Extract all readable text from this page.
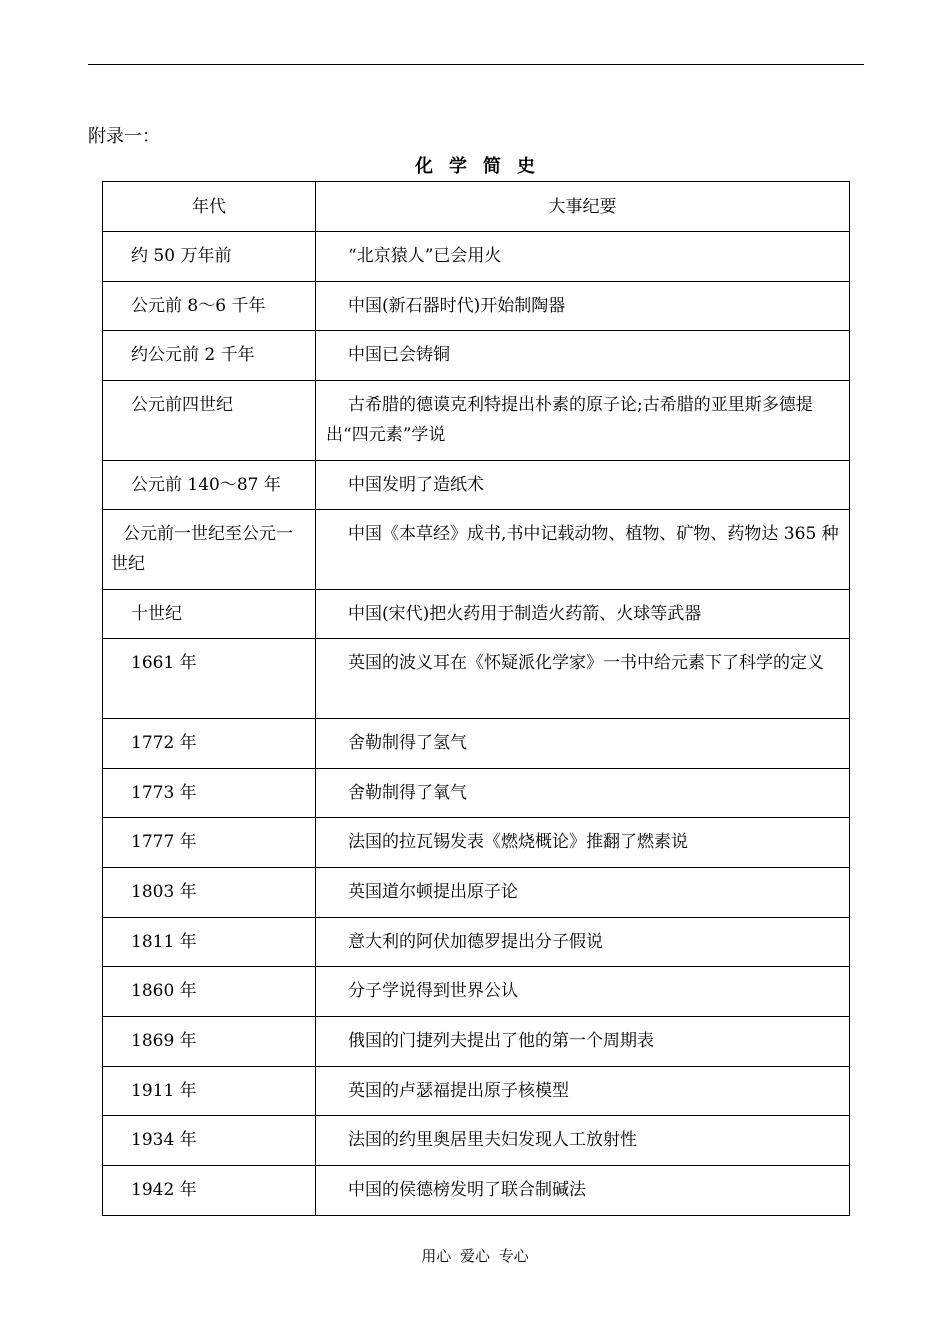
附录一：
化学简史
年代	大事纪要
约 50 万年前	“北京猿人”已会用火
公元前 8～6 千年	中国(新石器时代)开始制陶器
约公元前 2 千年	中国已会铸铜
公元前四世纪	古希腊的德谟克利特提出朴素的原子论;古希腊的亚里斯多德提出“四元素”学说
公元前 140～87 年	中国发明了造纸术
公元前一世纪至公元一世纪	中国《本草经》成书,书中记载动物、植物、矿物、药物达 365 种
十世纪	中国(宋代)把火药用于制造火药箭、火球等武器
1661 年	英国的波义耳在《怀疑派化学家》一书中给元素下了科学的定义
1772 年	舍勒制得了氢气
1773 年	舍勒制得了氧气
1777 年	法国的拉瓦锡发表《燃烧概论》推翻了燃素说
1803 年	英国道尔顿提出原子论
1811 年	意大利的阿伏加德罗提出分子假说
1860 年	分子学说得到世界公认
1869 年	俄国的门捷列夫提出了他的第一个周期表
1911 年	英国的卢瑟福提出原子核模型
1934 年	法国的约里奥居里夫妇发现人工放射性
1942 年	中国的侯德榜发明了联合制碱法
用心 爱心 专心
